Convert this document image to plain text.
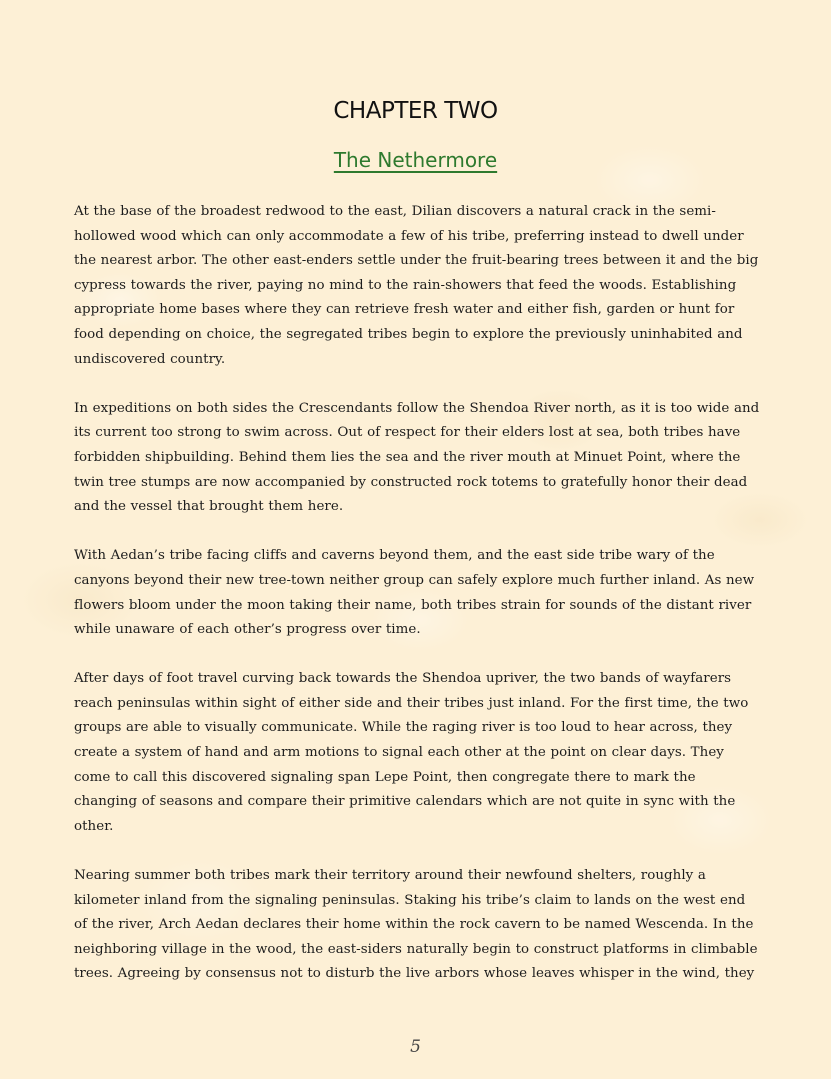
CHAPTER TWO
The Nethermore

At the base of the broadest redwood to the east, Dilian discovers a natural crack in the semi-hollowed wood which can only accommodate a few of his tribe, preferring instead to dwell under the nearest arbor. The other east-enders settle under the fruit-bearing trees between it and the big cypress towards the river, paying no mind to the rain-showers that feed the woods. Establishing appropriate home bases where they can retrieve fresh water and either fish, garden or hunt for food depending on choice, the segregated tribes begin to explore the previously uninhabited and undiscovered country.

In expeditions on both sides the Crescendants follow the Shendoa River north, as it is too wide and its current too strong to swim across. Out of respect for their elders lost at sea, both tribes have forbidden shipbuilding. Behind them lies the sea and the river mouth at Minuet Point, where the twin tree stumps are now accompanied by constructed rock totems to gratefully honor their dead and the vessel that brought them here.

With Aedan’s tribe facing cliffs and caverns beyond them, and the east side tribe wary of the canyons beyond their new tree-town neither group can safely explore much further inland. As new flowers bloom under the moon taking their name, both tribes strain for sounds of the distant river while unaware of each other’s progress over time.

After days of foot travel curving back towards the Shendoa upriver, the two bands of wayfarers reach peninsulas within sight of either side and their tribes just inland. For the first time, the two groups are able to visually communicate. While the raging river is too loud to hear across, they create a system of hand and arm motions to signal each other at the point on clear days. They come to call this discovered signaling span Lepe Point, then congregate there to mark the changing of seasons and compare their primitive calendars which are not quite in sync with the other.

Nearing summer both tribes mark their territory around their newfound shelters, roughly a kilometer inland from the signaling peninsulas. Staking his tribe’s claim to lands on the west end of the river, Arch Aedan declares their home within the rock cavern to be named Wescenda. In the neighboring village in the wood, the east-siders naturally begin to construct platforms in climbable trees. Agreeing by consensus not to disturb the live arbors whose leaves whisper in the wind, they

5
